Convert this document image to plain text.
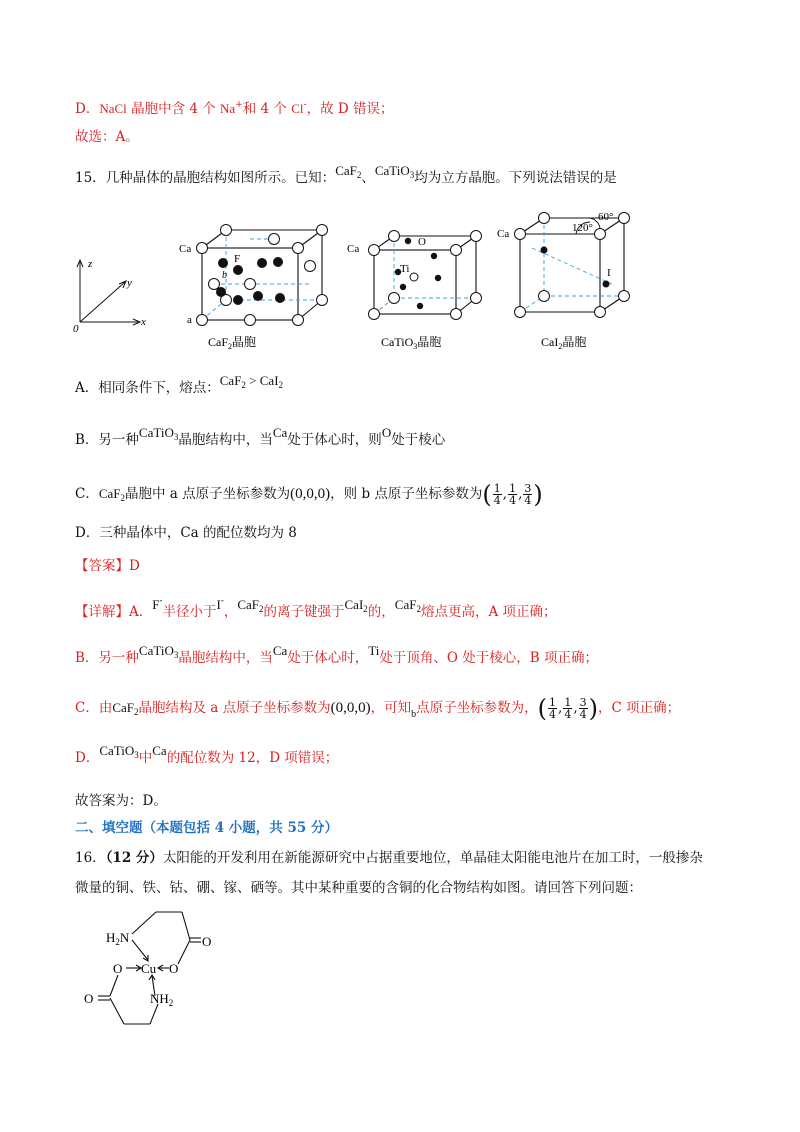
D．NaCl 晶胞中含 4 个 Na+和 4 个 Cl-，故 D 错误；
故选：A。
15．几种晶体的晶胞结构如图所示。已知：CaF$_2$、CaTiO$_3$均为立方晶胞。下列说法错误的是
z
y
x
0
Ca
F
b
a
CaF$_2$晶胞
Ca
O
Ti
CaTiO$_3$晶胞
Ca
I
60°
120°
CaI$_2$晶胞
A．相同条件下，熔点：CaF$_2$ > CaI$_2$
B．另一种CaTiO$_3$晶胞结构中，当Ca处于体心时，则O处于棱心
C．CaF$_2$晶胞中 a 点原子坐标参数为(0,0,0)，则 b 点原子坐标参数为( $\frac{1}{4}$ , $\frac{1}{4}$ , $\frac{3}{4}$ )
D．三种晶体中，Ca 的配位数均为 8
【答案】D
【详解】A．F-半径小于I-，CaF$_2$的离子键强于CaI$_2$的，CaF$_2$熔点更高，A 项正确；
B．另一种CaTiO$_3$晶胞结构中，当Ca处于体心时，Ti处于顶角、O 处于棱心，B 项正确；
C．由CaF$_2$晶胞结构及 a 点原子坐标参数为(0,0,0)，可知$_b$点原子坐标参数为，( $\frac{1}{4}$ , $\frac{1}{4}$ , $\frac{3}{4}$ )，C 项正确；
D．CaTiO$_3$中Ca的配位数为 12，D 项错误；
故答案为：D。
二、填空题（本题包括 4 小题，共 55 分）
16．（12 分）太阳能的开发利用在新能源研究中占据重要地位，单晶硅太阳能电池片在加工时，一般掺杂
微量的铜、铁、钴、硼、镓、硒等。其中某种重要的含铜的化合物结构如图。请回答下列问题：
$H_2N$	O
O Cu O
O	$NH_2$
